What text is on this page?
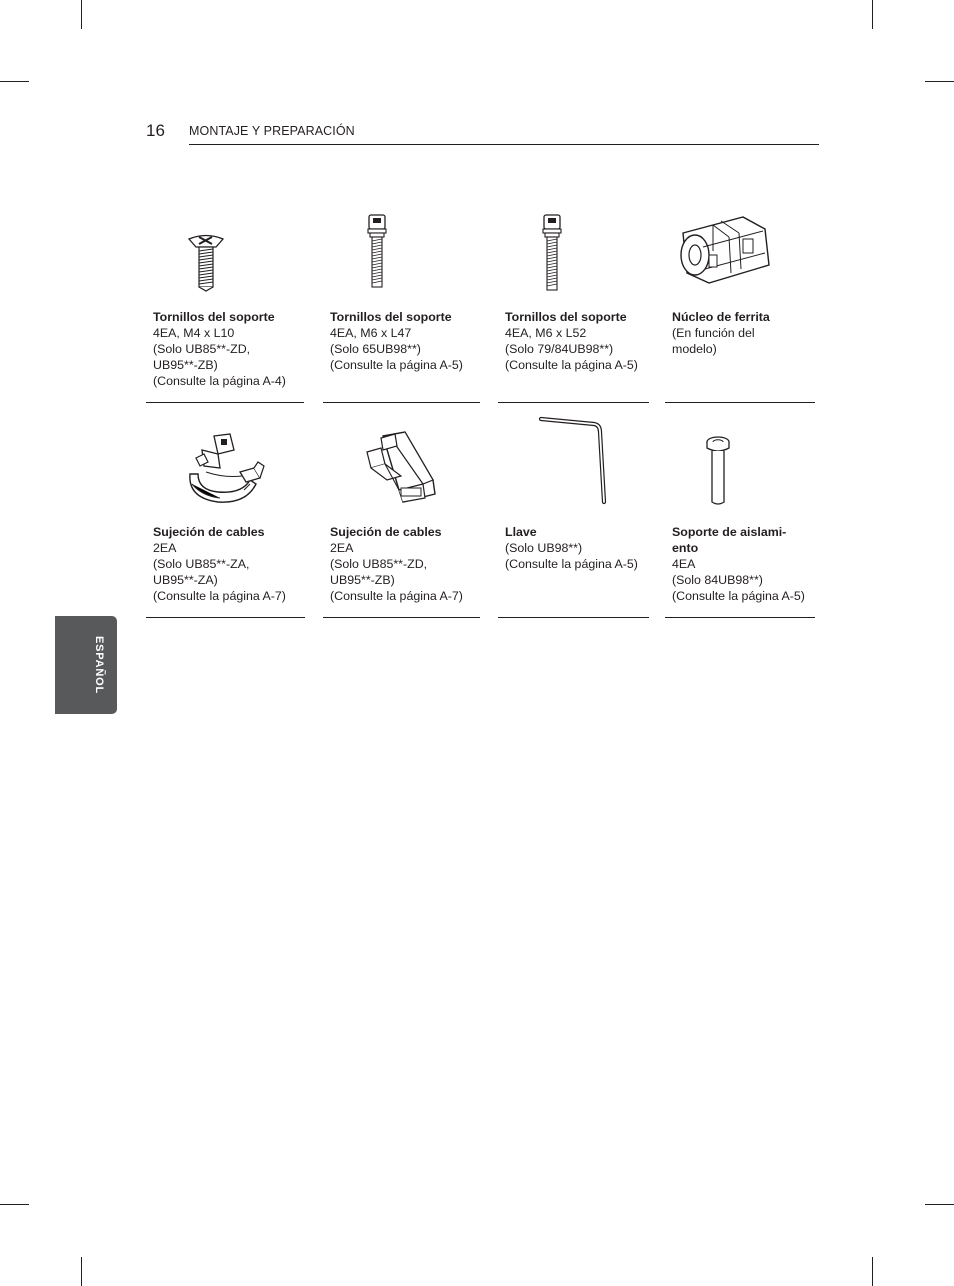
16 MONTAJE Y PREPARACIÓN
ESPAÑOL
Tornillos del soporte
4EA, M4 x L10
(Solo UB85**-ZD,
UB95**-ZB)
(Consulte la página A-4)
Tornillos del soporte
4EA, M6 x L47
(Solo 65UB98**)
(Consulte la página A-5)
Tornillos del soporte
4EA, M6 x L52
(Solo 79/84UB98**)
(Consulte la página A-5)
Núcleo de ferrita
(En función del
modelo)
Sujeción de cables
2EA
(Solo UB85**-ZA,
UB95**-ZA)
(Consulte la página A-7)
Sujeción de cables
2EA
(Solo UB85**-ZD,
UB95**-ZB)
(Consulte la página A-7)
Llave
(Solo UB98**)
(Consulte la página A-5)
Soporte de aislami-
ento
4EA
(Solo 84UB98**)
(Consulte la página A-5)
